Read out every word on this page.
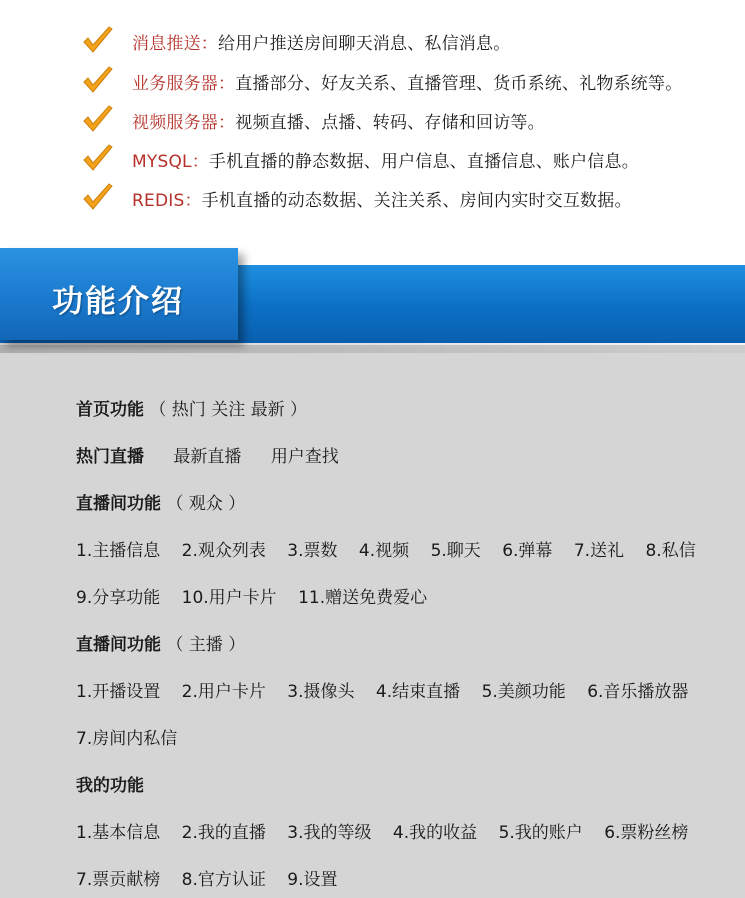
消息推送：给用户推送房间聊天消息、私信消息。
业务服务器：直播部分、好友关系、直播管理、货币系统、礼物系统等。
视频服务器：视频直播、点播、转码、存储和回访等。
MYSQL：手机直播的静态数据、用户信息、直播信息、账户信息。
REDIS：手机直播的动态数据、关注关系、房间内实时交互数据。
首页功能 （ 热门 关注 最新 ）
热门直播 最新直播 用户查找
直播间功能 （ 观众 ）
1.主播信息 2.观众列表 3.票数 4.视频 5.聊天 6.弹幕 7.送礼 8.私信
9.分享功能 10.用户卡片 11.赠送免费爱心
直播间功能 （ 主播 ）
1.开播设置 2.用户卡片 3.摄像头 4.结束直播 5.美颜功能 6.音乐播放器
7.房间内私信
我的功能
1.基本信息 2.我的直播 3.我的等级 4.我的收益 5.我的账户 6.票粉丝榜
7.票贡献榜 8.官方认证 9.设置
功能介绍
